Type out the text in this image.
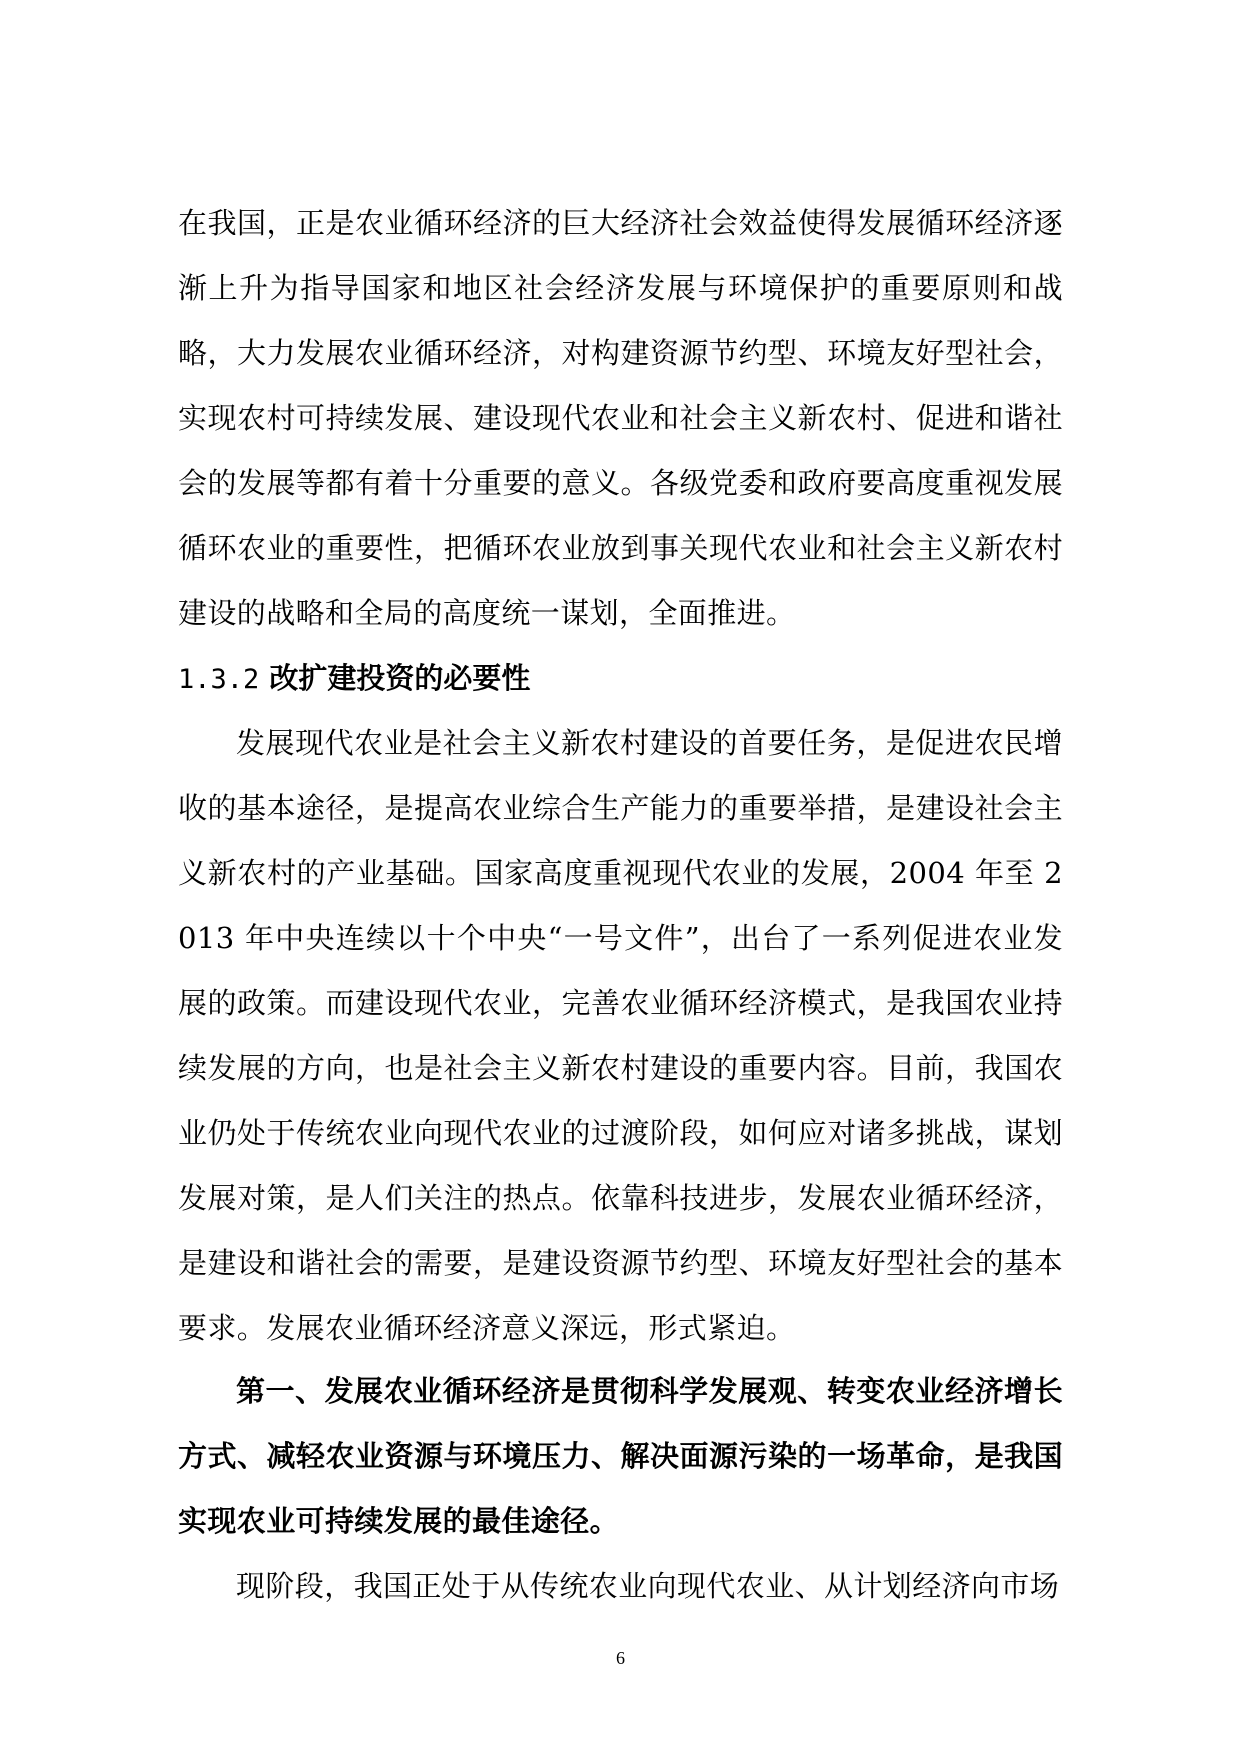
在我国，正是农业循环经济的巨大经济社会效益使得发展循环经济逐渐上升为指导国家和地区社会经济发展与环境保护的重要原则和战略，大力发展农业循环经济，对构建资源节约型、环境友好型社会，实现农村可持续发展、建设现代农业和社会主义新农村、促进和谐社会的发展等都有着十分重要的意义。各级党委和政府要高度重视发展循环农业的重要性，把循环农业放到事关现代农业和社会主义新农村建设的战略和全局的高度统一谋划，全面推进。
1.3.2 改扩建投资的必要性
发展现代农业是社会主义新农村建设的首要任务，是促进农民增收的基本途径，是提高农业综合生产能力的重要举措，是建设社会主义新农村的产业基础。国家高度重视现代农业的发展，2004 年至 2013 年中央连续以十个中央“一号文件”，出台了一系列促进农业发展的政策。而建设现代农业，完善农业循环经济模式，是我国农业持续发展的方向，也是社会主义新农村建设的重要内容。目前，我国农业仍处于传统农业向现代农业的过渡阶段，如何应对诸多挑战，谋划发展对策，是人们关注的热点。依靠科技进步，发展农业循环经济，是建设和谐社会的需要，是建设资源节约型、环境友好型社会的基本要求。发展农业循环经济意义深远，形式紧迫。
第一、发展农业循环经济是贯彻科学发展观、转变农业经济增长方式、减轻农业资源与环境压力、解决面源污染的一场革命，是我国实现农业可持续发展的最佳途径。
现阶段，我国正处于从传统农业向现代农业、从计划经济向市场
6
